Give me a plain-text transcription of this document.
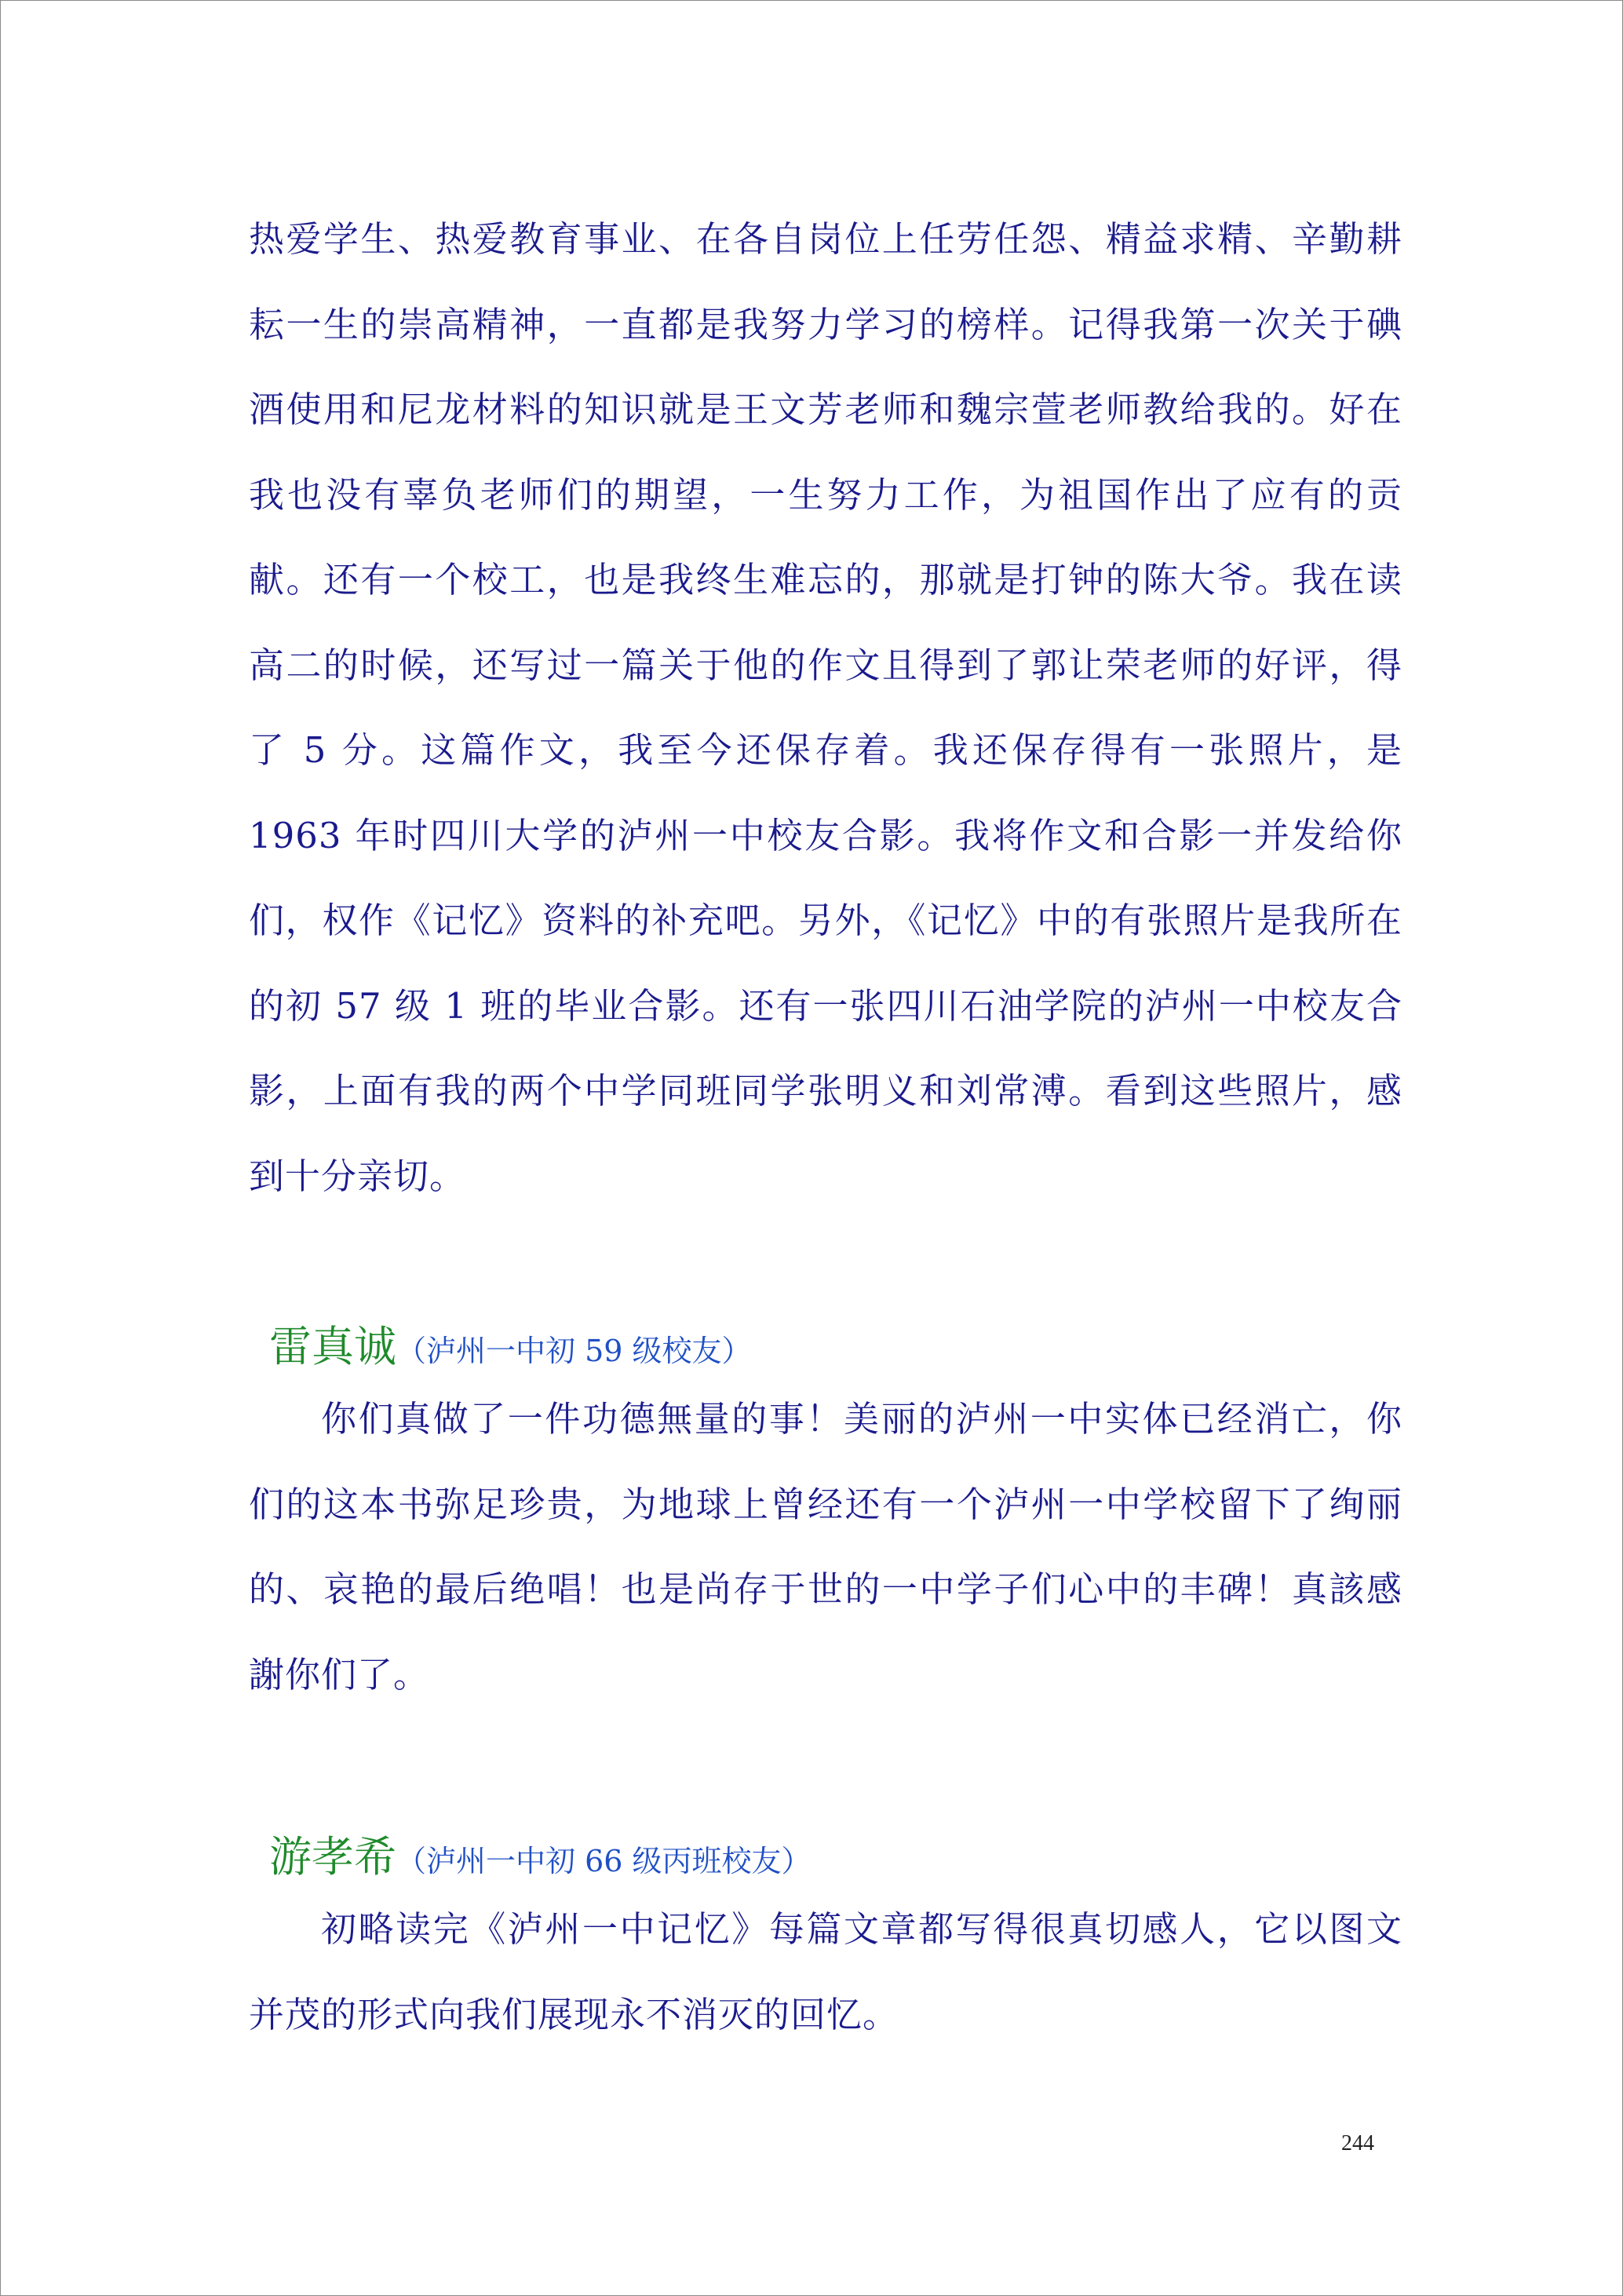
热爱学生、热爱教育事业、在各自岗位上任劳任怨、精益求精、辛勤耕耘一生的崇高精神，一直都是我努力学习的榜样。记得我第一次关于碘酒使用和尼龙材料的知识就是王文芳老师和魏宗萱老师教给我的。好在我也没有辜负老师们的期望，一生努力工作，为祖国作出了应有的贡献。还有一个校工，也是我终生难忘的，那就是打钟的陈大爷。我在读高二的时候，还写过一篇关于他的作文且得到了郭让荣老师的好评，得了 5 分。这篇作文，我至今还保存着。我还保存得有一张照片，是 1963 年时四川大学的泸州一中校友合影。我将作文和合影一并发给你们，权作《记忆》资料的补充吧。另外，《记忆》中的有张照片是我所在的初 57 级 1 班的毕业合影。还有一张四川石油学院的泸州一中校友合影，上面有我的两个中学同班同学张明义和刘常溥。看到这些照片，感到十分亲切。

雷真诚（泸州一中初 59 级校友）

你们真做了一件功德無量的事！美丽的泸州一中实体已经消亡，你们的这本书弥足珍贵，为地球上曾经还有一个泸州一中学校留下了绚丽的、哀艳的最后绝唱！也是尚存于世的一中学子们心中的丰碑！真該感謝你们了。

游孝希（泸州一中初 66 级丙班校友）

初略读完《泸州一中记忆》每篇文章都写得很真切感人，它以图文并茂的形式向我们展现永不消灭的回忆。

244
